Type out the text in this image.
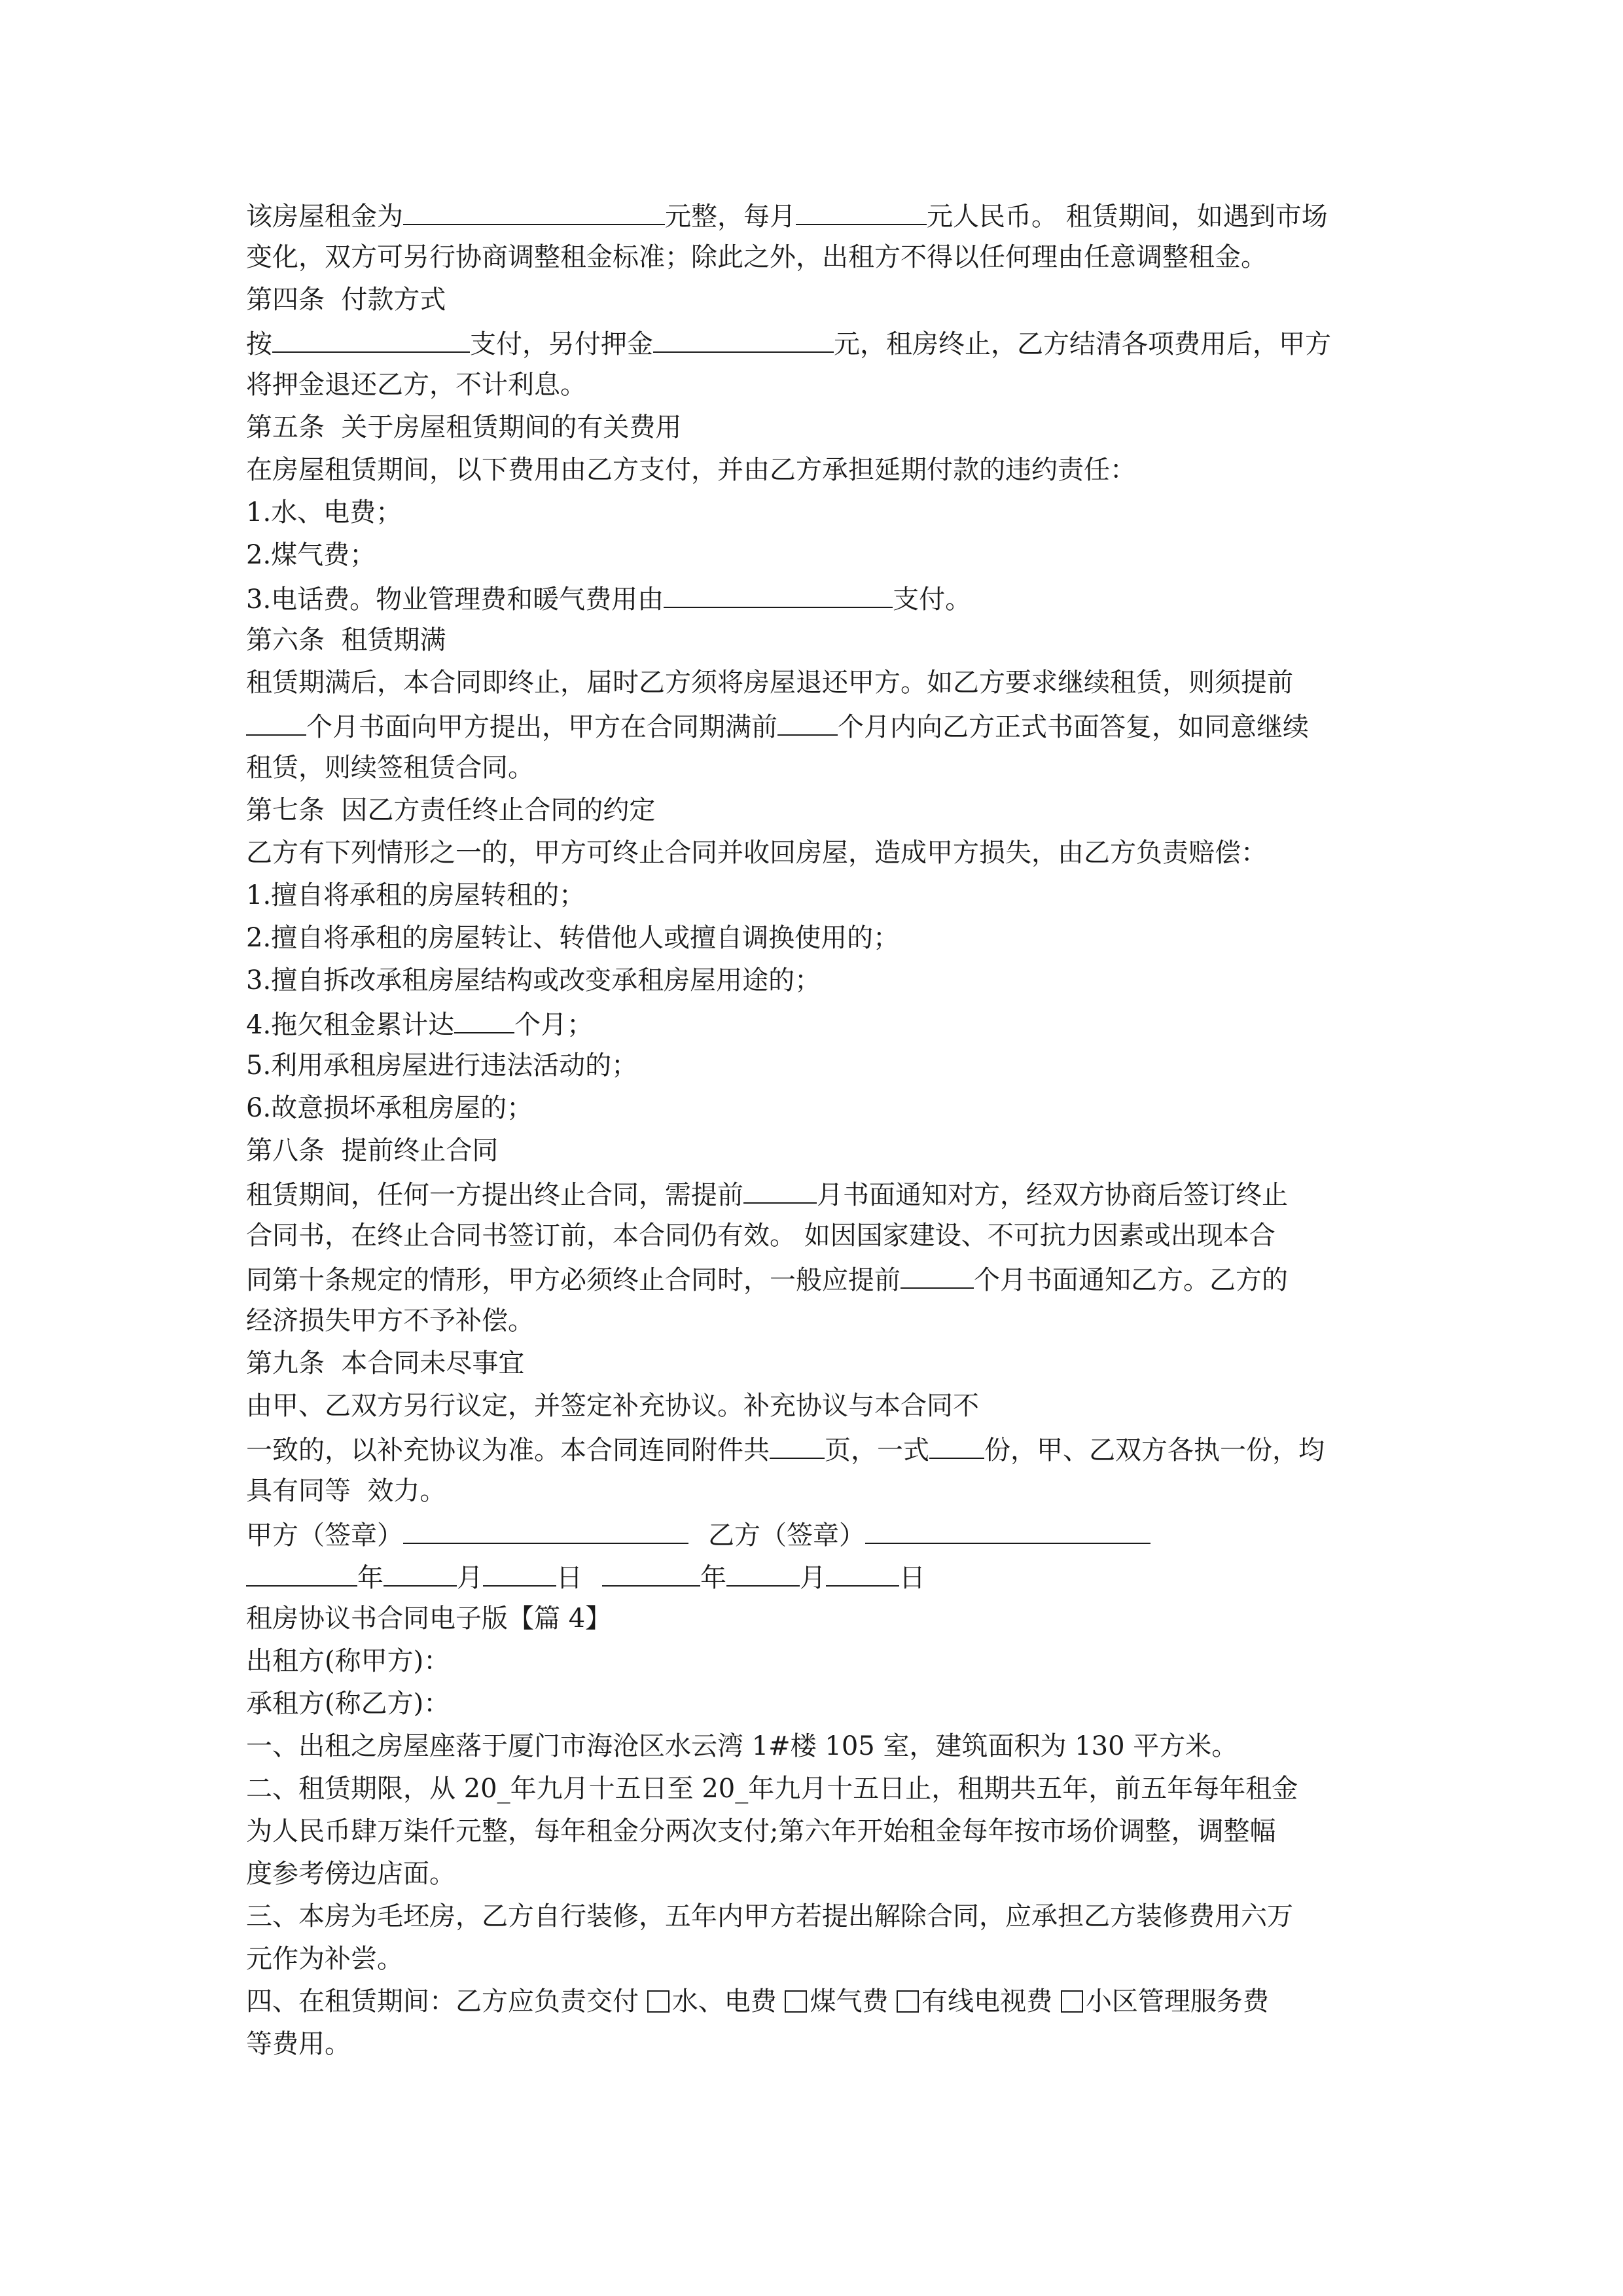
该房屋租金为	元整，每月	元人民币。 租赁期间，如遇到市场
变化，双方可另行协商调整租金标准；除此之外，出租方不得以任何理由任意调整租金。
第四条  付款方式
按	支付，另付押金	元，租房终止，乙方结清各项费用后，甲方
将押金退还乙方，不计利息。
第五条  关于房屋租赁期间的有关费用
在房屋租赁期间，以下费用由乙方支付，并由乙方承担延期付款的违约责任：
1.水、电费；
2.煤气费；
3.电话费。物业管理费和暖气费用由	支付。
第六条  租赁期满
租赁期满后，本合同即终止，届时乙方须将房屋退还甲方。如乙方要求继续租赁，则须提前
个月书面向甲方提出，甲方在合同期满前 个月内向乙方正式书面答复，如同意继续
租赁，则续签租赁合同。
第七条  因乙方责任终止合同的约定
乙方有下列情形之一的，甲方可终止合同并收回房屋，造成甲方损失，由乙方负责赔偿：
1.擅自将承租的房屋转租的；
2.擅自将承租的房屋转让、转借他人或擅自调换使用的；
3.擅自拆改承租房屋结构或改变承租房屋用途的；
4.拖欠租金累计达 个月；
5.利用承租房屋进行违法活动的；
6.故意损坏承租房屋的；
第八条  提前终止合同
租赁期间，任何一方提出终止合同，需提前	月书面通知对方，经双方协商后签订终止
合同书，在终止合同书签订前，本合同仍有效。 如因国家建设、不可抗力因素或出现本合
同第十条规定的情形，甲方必须终止合同时，一般应提前	个月书面通知乙方。乙方的
经济损失甲方不予补偿。
第九条  本合同未尽事宜
由甲、乙双方另行议定，并签定补充协议。补充协议与本合同不
一致的，以补充协议为准。本合同连同附件共 页，一式 份，甲、乙双方各执一份，均
具有同等  效力。
甲方（签章）	乙方（签章）
年	月	日	年	月	日
租房协议书合同电子版【篇 4】
出租方(称甲方)：
承租方(称乙方)：
一、出租之房屋座落于厦门市海沧区水云湾 1#楼 105 室，建筑面积为 130 平方米。
二、租赁期限，从 20_年九月十五日至 20_年九月十五日止，租期共五年，前五年每年租金
为人民币肆万柒仟元整，每年租金分两次支付;第六年开始租金每年按市场价调整，调整幅
度参考傍边店面。
三、本房为毛坯房，乙方自行装修，五年内甲方若提出解除合同，应承担乙方装修费用六万
元作为补尝。
四、在租赁期间：乙方应负责交付 水、电费 煤气费 有线电视费 小区管理服务费
等费用。
